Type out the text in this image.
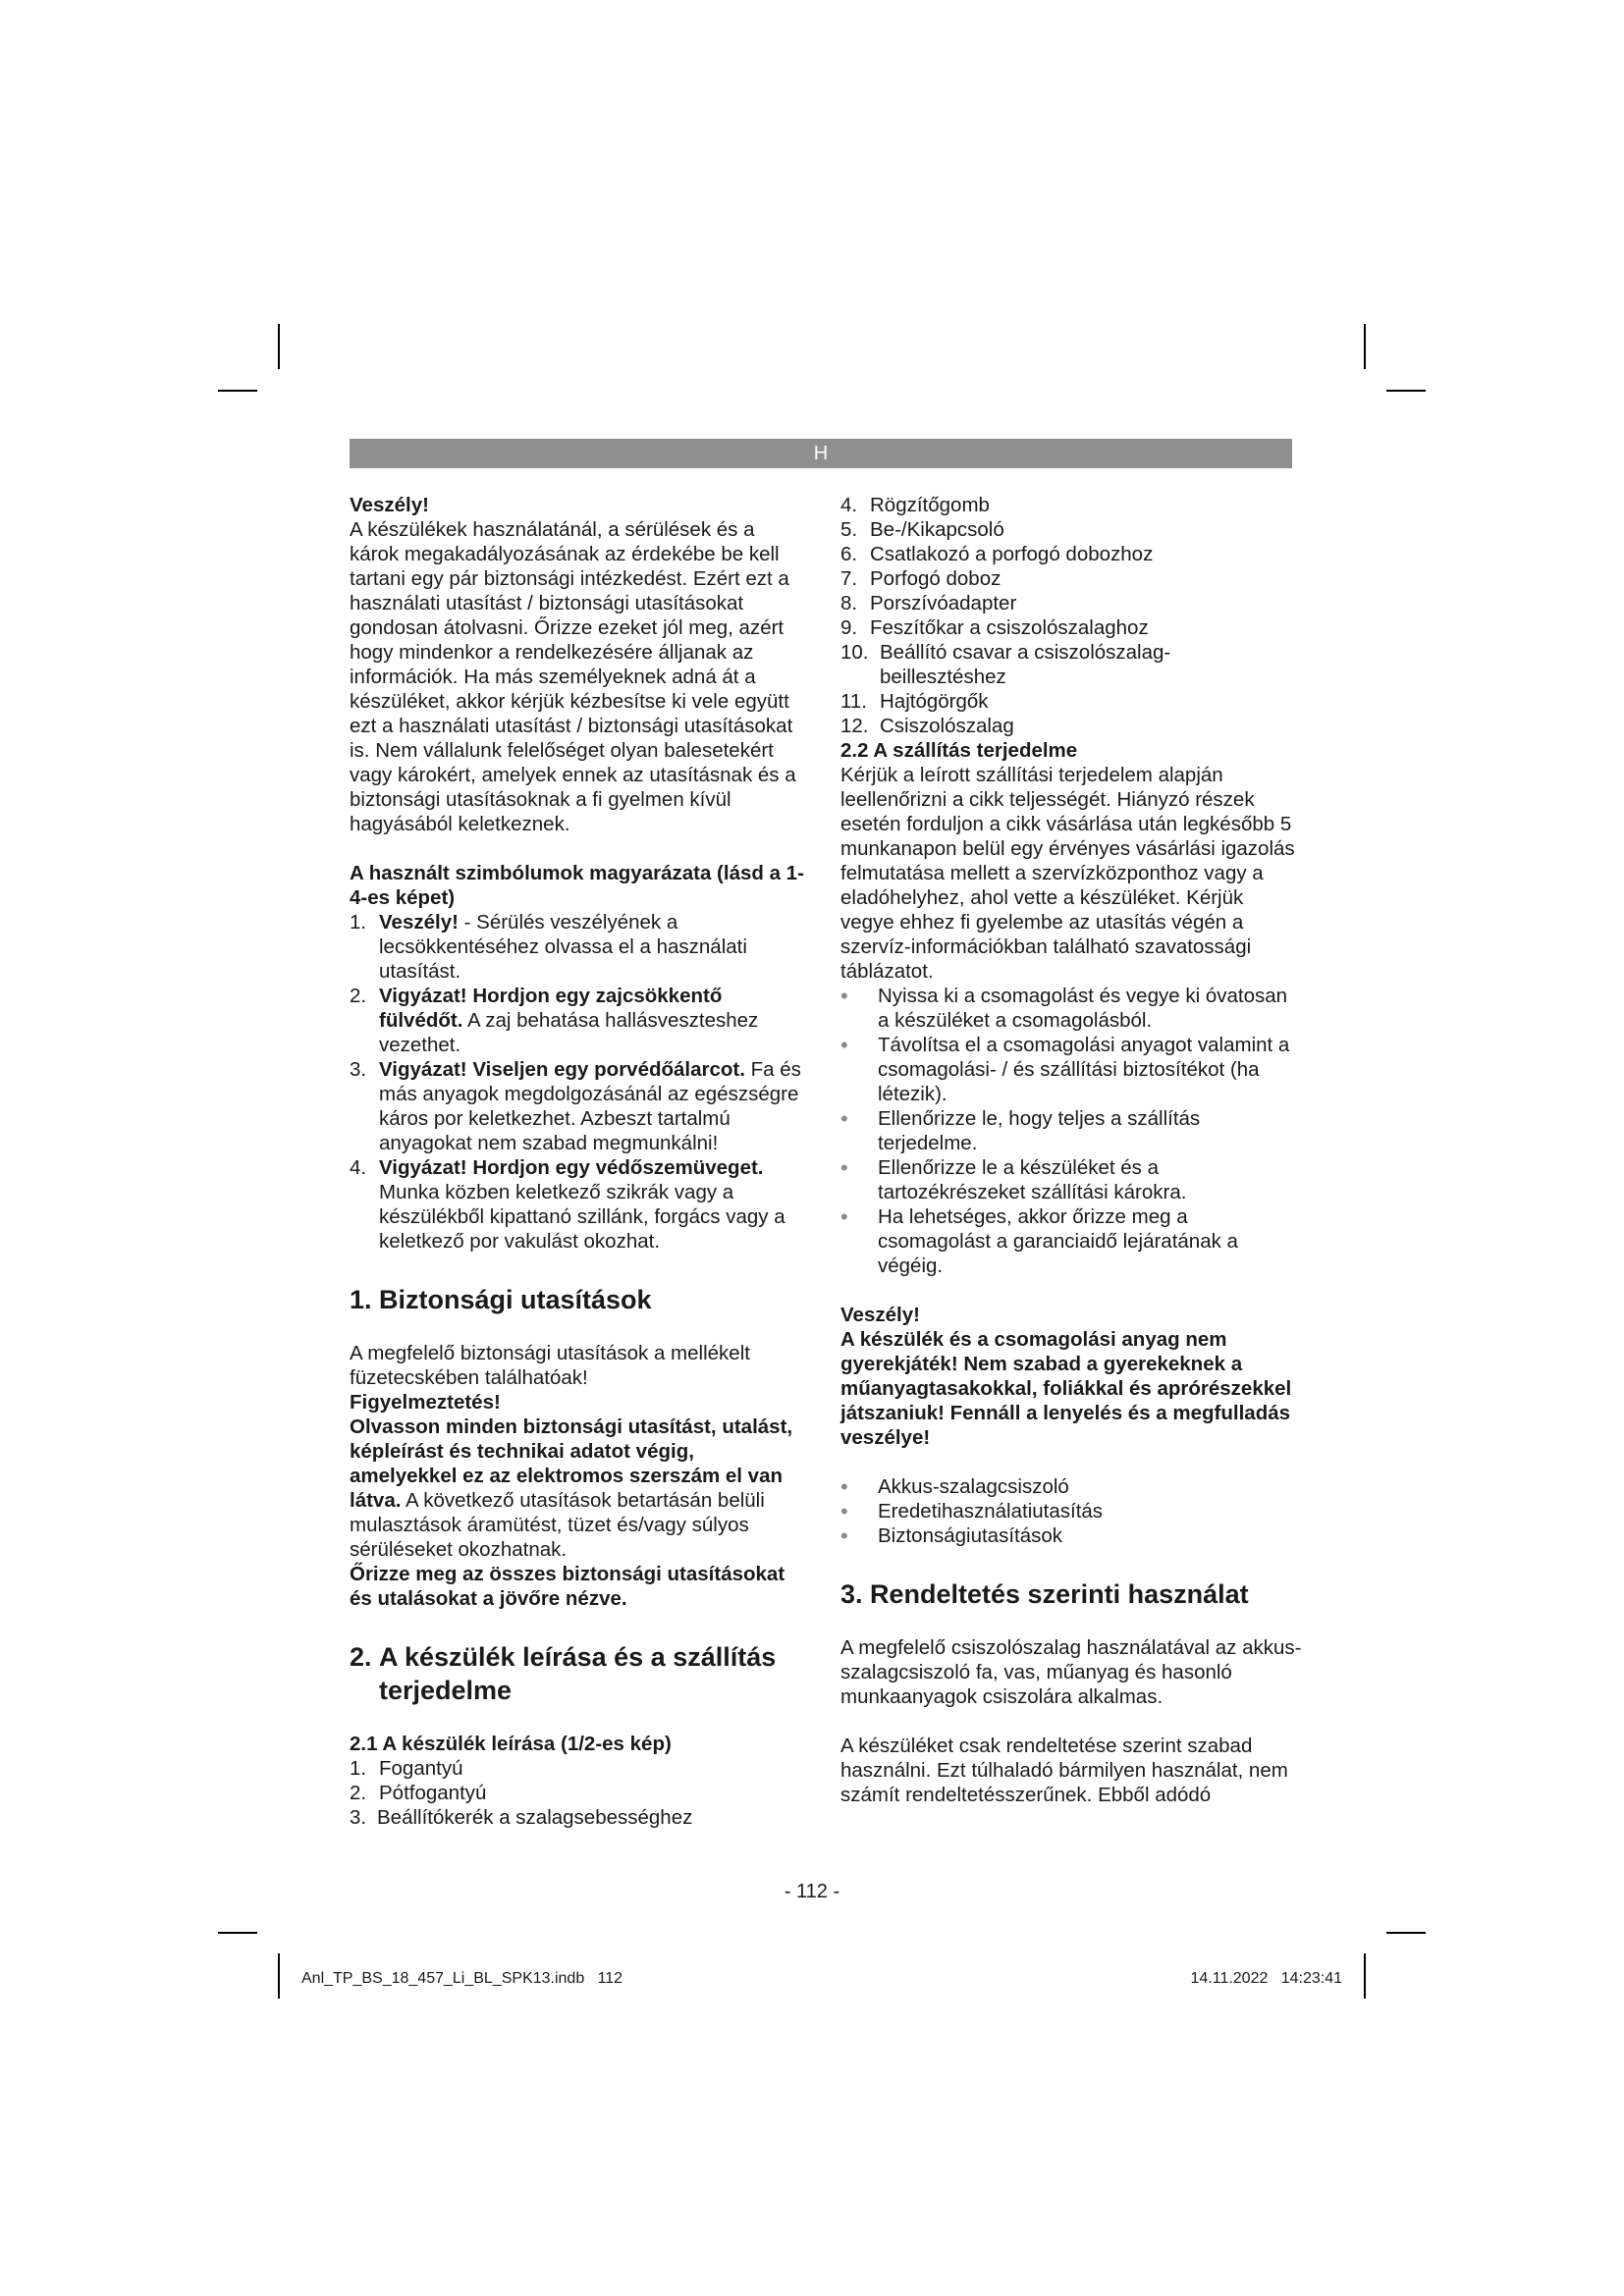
H

Veszély!

A készülékek használatánál, a sérülések és a károk megakadályozásának az érdekébe be kell tartani egy pár biztonsági intézkedést. Ezért ezt a használati utasítást / biztonsági utasításokat gondosan átolvasni. Őrizze ezeket jól meg, azért hogy mindenkor a rendelkezésére álljanak az információk. Ha más személyeknek adná át a készüléket, akkor kérjük kézbesítse ki vele együtt ezt a használati utasítást / biztonsági utasításokat is. Nem vállalunk felelőséget olyan balesetekért vagy károkért, amelyek ennek az utasításnak és a biztonsági utasításoknak a fi gyelmen kívül hagyásából keletkeznek.

A használt szimbólumok magyarázata (lásd a 1-4-es képet)

1. Veszély! - Sérülés veszélyének a lecsökkentéséhez olvassa el a használati utasítást.
2. Vigyázat! Hordjon egy zajcsökkentő fülvédőt. A zaj behatása hallásveszteshez vezethet.
3. Vigyázat! Viseljen egy porvédőálarcot. Fa és más anyagok megdolgozásánál az egészségre káros por keletkezhet. Azbeszt tartalmú anyagokat nem szabad megmunkálni!
4. Vigyázat! Hordjon egy védőszemüveget. Munka közben keletkező szikrák vagy a készülékből kipattanó szillánk, forgács vagy a keletkező por vakulást okozhat.
1. Biztonsági utasítások

A megfelelő biztonsági utasítások a mellékelt füzetecskében találhatóak!

Figyelmeztetés!

Olvasson minden biztonsági utasítást, utalást, képleírást és technikai adatot végig, amelyekkel ez az elektromos szerszám el van látva. A következő utasítások betartásán belüli mulasztások áramütést, tüzet és/vagy súlyos sérüléseket okozhatnak.

Őrizze meg az összes biztonsági utasításokat és utalásokat a jövőre nézve.

2. A készülék leírása és a szállítás terjedelme

2.1 A készülék leírása (1/2-es kép)

1. Fogantyú
2. Pótfogantyú
3. Beállítókerék a szalagsebességhez
4. Rögzítőgomb
5. Be-/Kikapcsoló
6. Csatlakozó a porfogó dobozhoz
7. Porfogó doboz
8. Porszívóadapter
9. Feszítőkar a csiszolószalaghoz
10. Beállító csavar a csiszolószalag- beillesztéshez
11. Hajtógörgők
12. Csiszolószalag

2.2 A szállítás terjedelme

Kérjük a leírott szállítási terjedelem alapján leellenőrizni a cikk teljességét. Hiányzó részek esetén forduljon a cikk vásárlása után legkésőbb 5 munkanapon belül egy érvényes vásárlási igazolás felmutatása mellett a szervízközponthoz vagy a eladóhelyhez, ahol vette a készüléket. Kérjük vegye ehhez fi gyelembe az utasítás végén a szervíz-információkban található szavatossági táblázatot.

• Nyissa ki a csomagolást és vegye ki óvatosan a készüléket a csomagolásból.
• Távolítsa el a csomagolási anyagot valamint a csomagolási- / és szállítási biztosítékot (ha létezik).
• Ellenőrizze le, hogy teljes a szállítás terjedelme.
• Ellenőrizze le a készüléket és a tartozékrészeket szállítási károkra.
• Ha lehetséges, akkor őrizze meg a csomagolást a garanciaidő lejáratának a végéig.

Veszély!

A készülék és a csomagolási anyag nem gyerekjáték! Nem szabad a gyerekeknek a műanyagtasakokkal, foliákkal és aprórészekkel játszaniuk! Fennáll a lenyelés és a megfulladás veszélye!

• Akkus-szalagcsiszoló
• Eredetihasználatiutasítás
• Biztonságiutasítások
3. Rendeltetés szerinti használat

A megfelelő csiszolószalag használatával az akkus-szalagcsiszoló fa, vas, műanyag és hasonló munkaanyagok csiszolára alkalmas.

A készüléket csak rendeltetése szerint szabad használni. Ezt túlhaladó bármilyen használat, nem számít rendeltetésszerűnek. Ebből adódó

- 112 -
Anl_TP_BS_18_457_Li_BL_SPK13.indb   112	14.11.2022   14:23:41
